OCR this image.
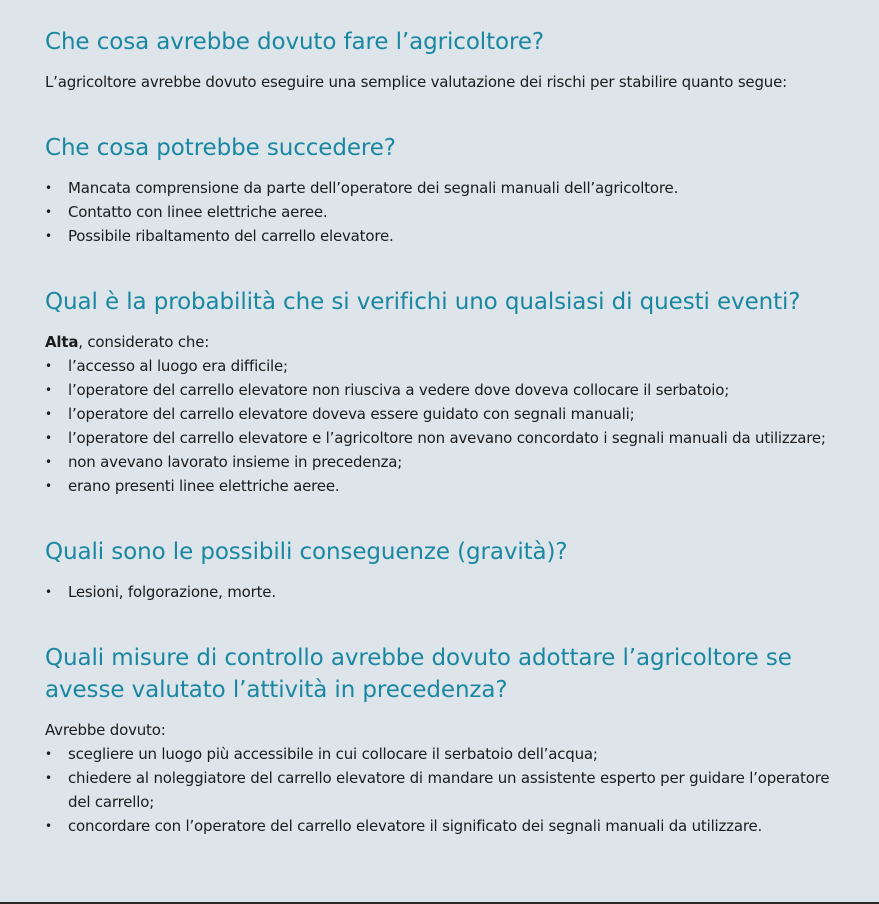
Che cosa avrebbe dovuto fare l’agricoltore?

L’agricoltore avrebbe dovuto eseguire una semplice valutazione dei rischi per stabilire quanto segue:

Che cosa potrebbe succedere?
• Mancata comprensione da parte dell’operatore dei segnali manuali dell’agricoltore.
• Contatto con linee elettriche aeree.
• Possibile ribaltamento del carrello elevatore.
Qual è la probabilità che si verifichi uno qualsiasi di questi eventi?

Alta, considerato che:

• l’accesso al luogo era difficile;
• l’operatore del carrello elevatore non riusciva a vedere dove doveva collocare il serbatoio;
• l’operatore del carrello elevatore doveva essere guidato con segnali manuali;
• l’operatore del carrello elevatore e l’agricoltore non avevano concordato i segnali manuali da utilizzare;
• non avevano lavorato insieme in precedenza;
• erano presenti linee elettriche aeree.
Quali sono le possibili conseguenze (gravità)?
• Lesioni, folgorazione, morte.
Quali misure di controllo avrebbe dovuto adottare l’agricoltore se avesse valutato l’attività in precedenza?

Avrebbe dovuto:

• scegliere un luogo più accessibile in cui collocare il serbatoio dell’acqua;
• chiedere al noleggiatore del carrello elevatore di mandare un assistente esperto per guidare l’operatore del carrello;
• concordare con l’operatore del carrello elevatore il significato dei segnali manuali da utilizzare.
